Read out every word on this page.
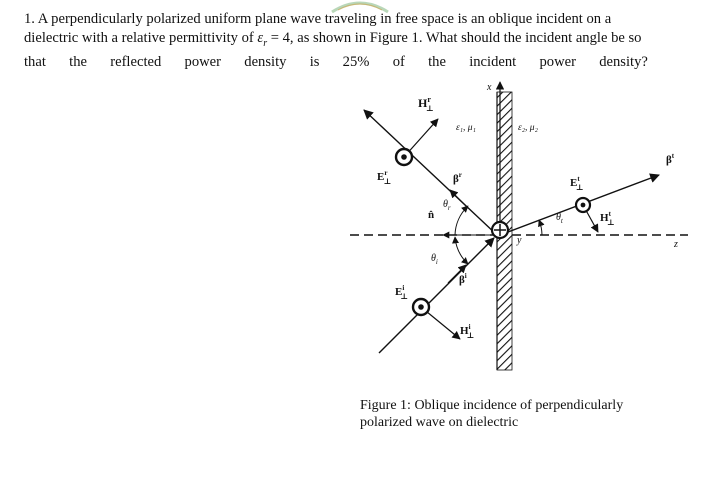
1. A perpendicularly polarized uniform plane wave traveling in free space is an oblique incident on a
dielectric with a relative permittivity of $\varepsilon_r = 4$, as shown in Figure 1. What should the incident angle be so
that the reflected power density is 25% of the incident power density?
$H^r$ ⊥
ε₁, μ₁	ε₂, μ₂
x
y	z
$E^r$ ⊥	$\beta^r$
$E^t$ ⊥
$\beta^t$
n̂
$\theta_r$
$\theta_t$	$H^t$ ⊥
$\theta_i$
$\beta^i$
$E^i$ ⊥
$H^i$ ⊥
Figure 1: Oblique incidence of perpendicularly
polarized wave on dielectric
